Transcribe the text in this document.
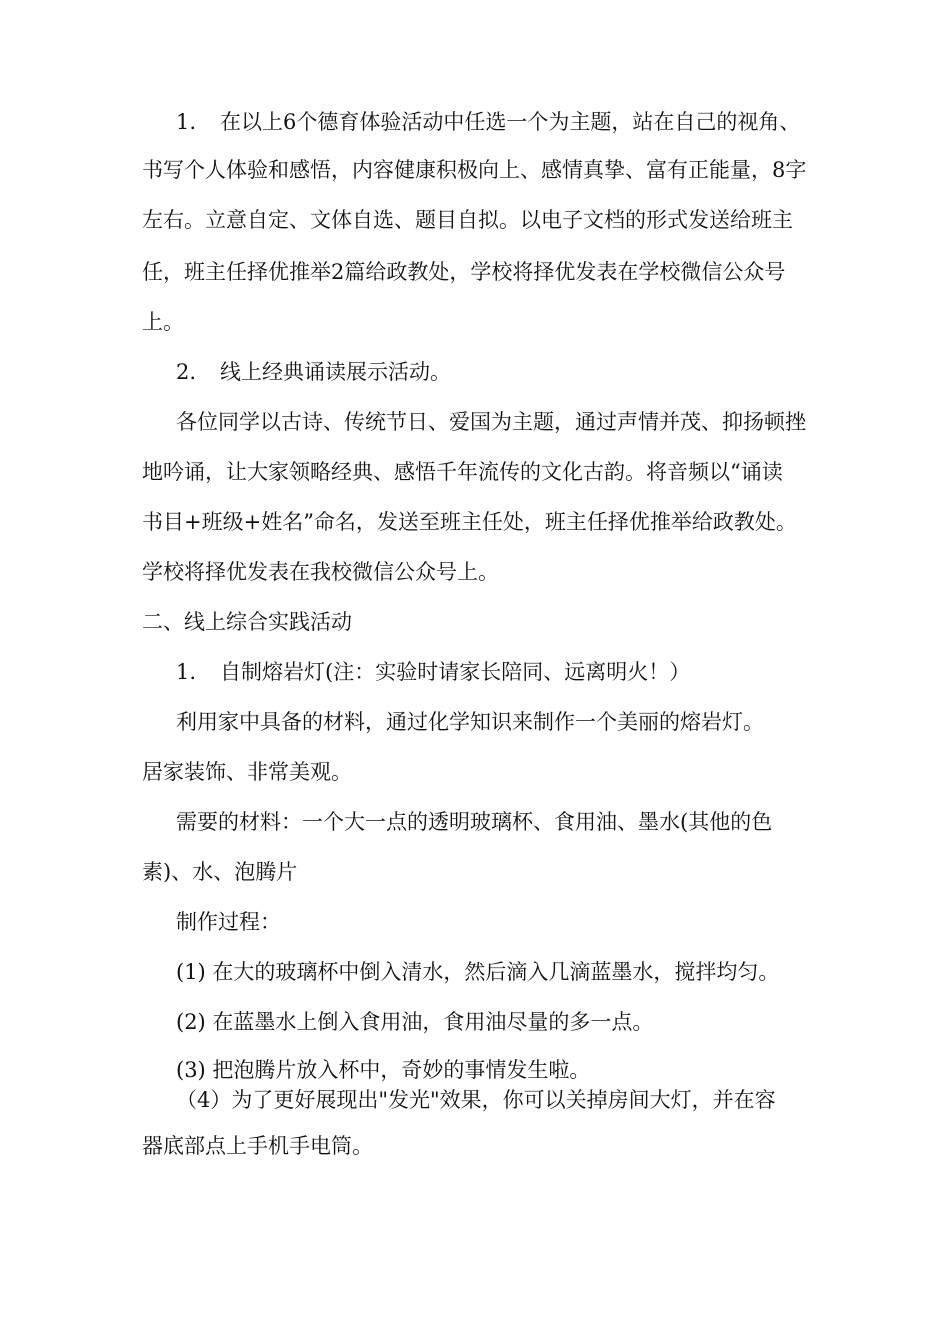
1. 在以上6个德育体验活动中任选一个为主题，站在自己的视角、
书写个人体验和感悟，内容健康积极向上、感情真挚、富有正能量，8字
左右。立意自定、文体自选、题目自拟。以电子文档的形式发送给班主
任，班主任择优推举2篇给政教处，学校将择优发表在学校微信公众号
上。
2. 线上经典诵读展示活动。
各位同学以古诗、传统节日、爱国为主题，通过声情并茂、抑扬顿挫
地吟诵，让大家领略经典、感悟千年流传的文化古韵。将音频以“诵读
书目+班级+姓名”命名，发送至班主任处，班主任择优推举给政教处。
学校将择优发表在我校微信公众号上。
二、线上综合实践活动
1. 自制熔岩灯(注：实验时请家长陪同、远离明火！）
利用家中具备的材料，通过化学知识来制作一个美丽的熔岩灯。
居家装饰、非常美观。
需要的材料：一个大一点的透明玻璃杯、食用油、墨水(其他的色
素)、水、泡腾片
制作过程：
(1) 在大的玻璃杯中倒入清水，然后滴入几滴蓝墨水，搅拌均匀。
(2) 在蓝墨水上倒入食用油，食用油尽量的多一点。
(3) 把泡腾片放入杯中，奇妙的事情发生啦。
（4）为了更好展现出"发光"效果，你可以关掉房间大灯，并在容
器底部点上手机手电筒。
